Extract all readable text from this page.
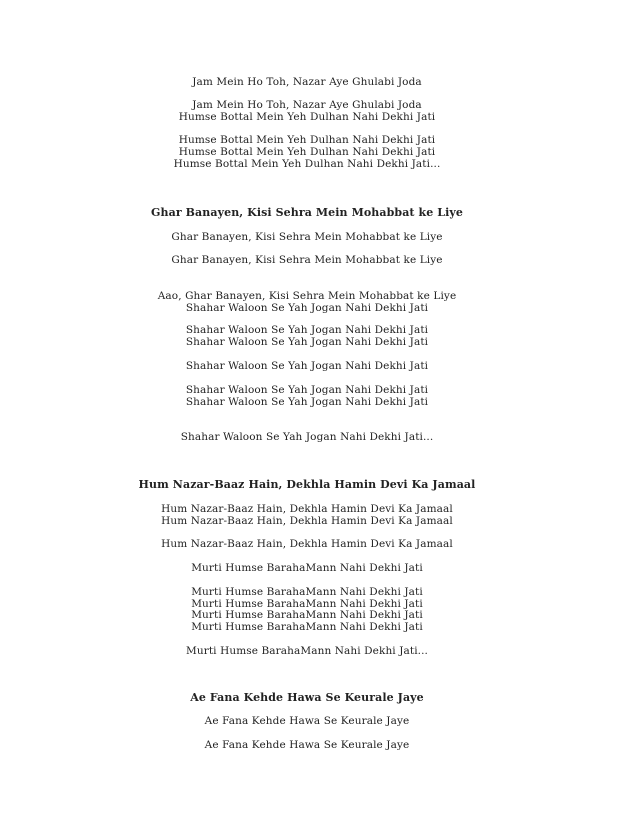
Jam Mein Ho Toh, Nazar Aye Ghulabi Joda
Jam Mein Ho Toh, Nazar Aye Ghulabi Joda
Humse Bottal Mein Yeh Dulhan Nahi Dekhi Jati
Humse Bottal Mein Yeh Dulhan Nahi Dekhi Jati
Humse Bottal Mein Yeh Dulhan Nahi Dekhi Jati
Humse Bottal Mein Yeh Dulhan Nahi Dekhi Jati...
Ghar Banayen, Kisi Sehra Mein Mohabbat ke Liye
Ghar Banayen, Kisi Sehra Mein Mohabbat ke Liye
Ghar Banayen, Kisi Sehra Mein Mohabbat ke Liye
Aao, Ghar Banayen, Kisi Sehra Mein Mohabbat ke Liye
Shahar Waloon Se Yah Jogan Nahi Dekhi Jati
Shahar Waloon Se Yah Jogan Nahi Dekhi Jati
Shahar Waloon Se Yah Jogan Nahi Dekhi Jati
Shahar Waloon Se Yah Jogan Nahi Dekhi Jati
Shahar Waloon Se Yah Jogan Nahi Dekhi Jati
Shahar Waloon Se Yah Jogan Nahi Dekhi Jati
Shahar Waloon Se Yah Jogan Nahi Dekhi Jati...
Hum Nazar-Baaz Hain, Dekhla Hamin Devi Ka Jamaal
Hum Nazar-Baaz Hain, Dekhla Hamin Devi Ka Jamaal
Hum Nazar-Baaz Hain, Dekhla Hamin Devi Ka Jamaal
Hum Nazar-Baaz Hain, Dekhla Hamin Devi Ka Jamaal
Murti Humse BarahaMann Nahi Dekhi Jati
Murti Humse BarahaMann Nahi Dekhi Jati
Murti Humse BarahaMann Nahi Dekhi Jati
Murti Humse BarahaMann Nahi Dekhi Jati
Murti Humse BarahaMann Nahi Dekhi Jati
Murti Humse BarahaMann Nahi Dekhi Jati...
Ae Fana Kehde Hawa Se Keurale Jaye
Ae Fana Kehde Hawa Se Keurale Jaye
Ae Fana Kehde Hawa Se Keurale Jaye
